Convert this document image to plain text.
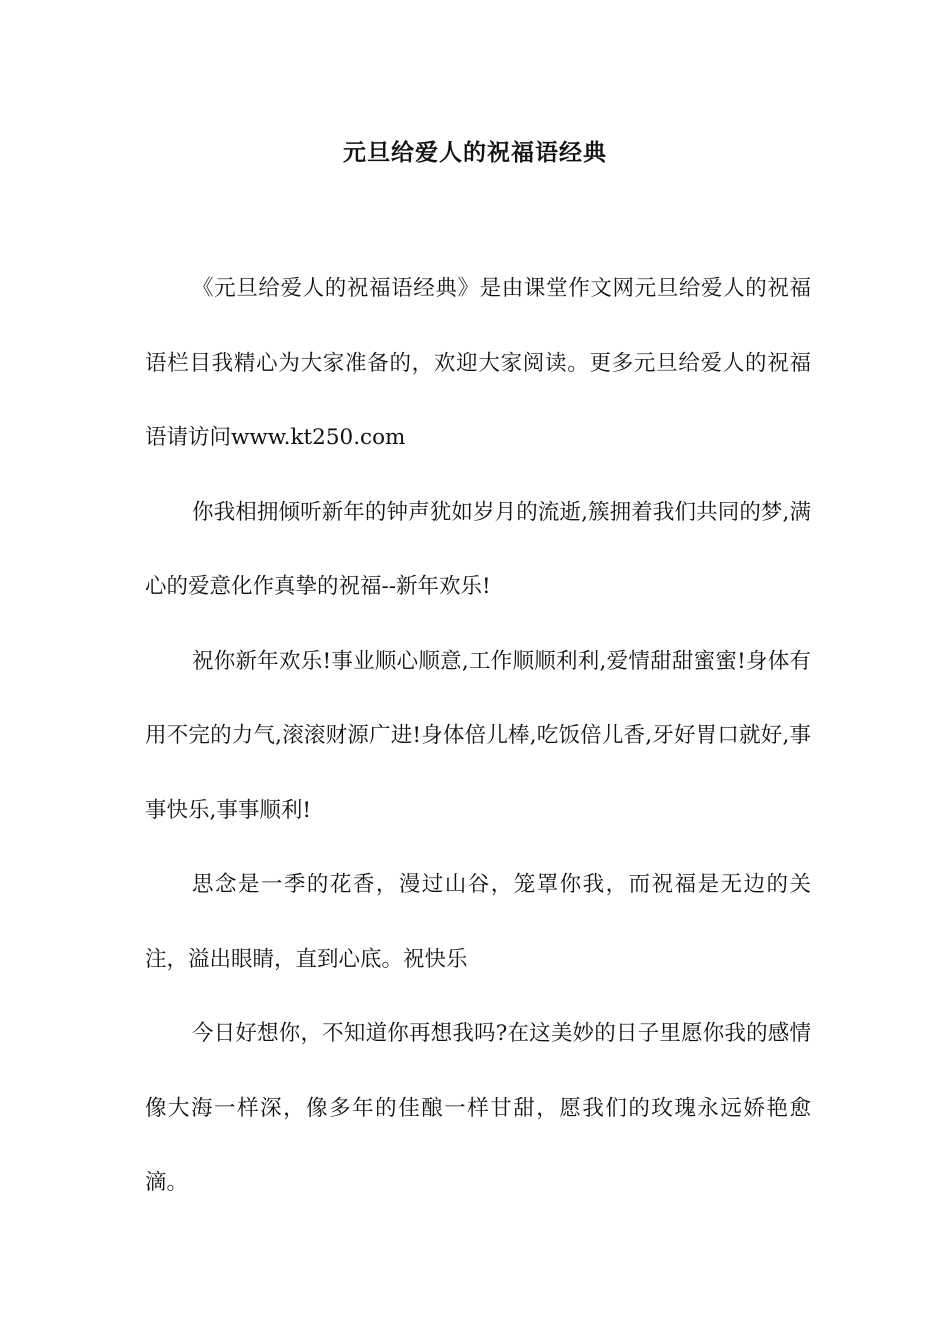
元旦给爱人的祝福语经典

《元旦给爱人的祝福语经典》是由课堂作文网元旦给爱人的祝福语栏目我精心为大家准备的，欢迎大家阅读。更多元旦给爱人的祝福语请访问www.kt250.com

你我相拥倾听新年的钟声犹如岁月的流逝,簇拥着我们共同的梦,满心的爱意化作真挚的祝福--新年欢乐!

祝你新年欢乐!事业顺心顺意,工作顺顺利利,爱情甜甜蜜蜜!身体有用不完的力气,滚滚财源广进!身体倍儿棒,吃饭倍儿香,牙好胃口就好,事事快乐,事事顺利!

思念是一季的花香，漫过山谷，笼罩你我，而祝福是无边的关注，溢出眼睛，直到心底。祝快乐

今日好想你，不知道你再想我吗?在这美妙的日子里愿你我的感情像大海一样深，像多年的佳酿一样甘甜，愿我们的玫瑰永远娇艳愈滴。
